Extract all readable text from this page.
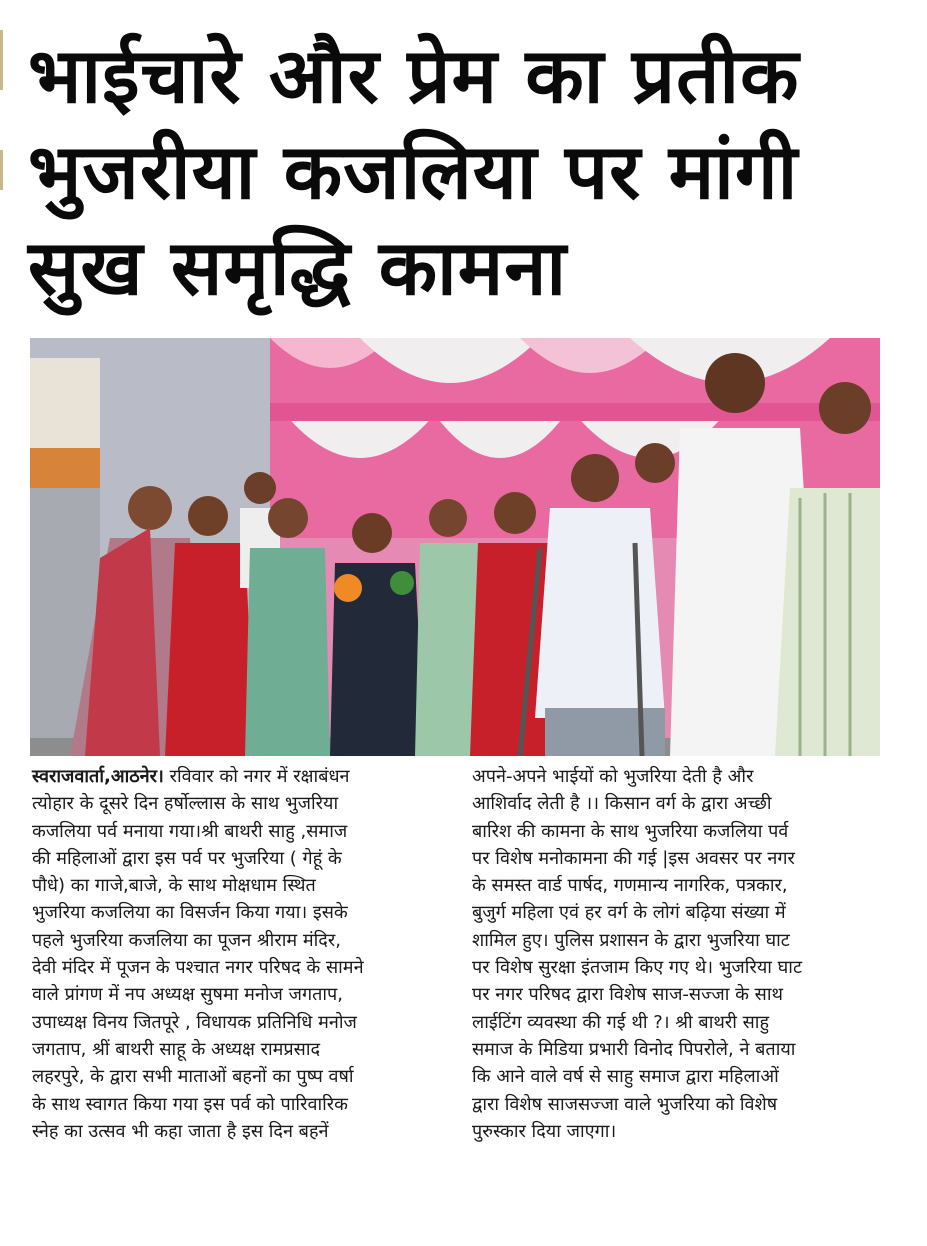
भाईचारे और प्रेम का प्रतीक
भुजरीया कजलिया पर मांगी
सुख समृद्धि कामना
स्वराजवार्ता,आठनेर। रविवार को नगर में रक्षाबंधन
त्योहार के दूसरे दिन हर्षोल्लास के साथ भुजरिया
कजलिया पर्व मनाया गया।श्री बाथरी साहु ,समाज
की महिलाओं द्वारा इस पर्व पर भुजरिया ( गेहूं के
पौधे) का गाजे,बाजे, के साथ मोक्षधाम स्थित
भुजरिया कजलिया का विसर्जन किया गया। इसके
पहले भुजरिया कजलिया का पूजन श्रीराम मंदिर,
देवी मंदिर में पूजन के पश्चात नगर परिषद के सामने
वाले प्रांगण में नप अध्यक्ष सुषमा मनोज जगताप,
उपाध्यक्ष विनय जितपूरे , विधायक प्रतिनिधि मनोज
जगताप, श्रीं बाथरी साहू के अध्यक्ष रामप्रसाद
लहरपुरे, के द्वारा सभी माताओं बहनों का पुष्प वर्षा
के साथ स्वागत किया गया इस पर्व को पारिवारिक
स्नेह का उत्सव भी कहा जाता है इस दिन बहनें
अपने-अपने भाईयों को भुजरिया देती है और
आशिर्वाद लेती है ।। किसान वर्ग के द्वारा अच्छी
बारिश की कामना के साथ भुजरिया कजलिया पर्व
पर विशेष मनोकामना की गई |इस अवसर पर नगर
के समस्त वार्ड पार्षद, गणमान्य नागरिक, पत्रकार,
बुजुर्ग महिला एवं हर वर्ग के लोगं बढ़िया संख्या में
शामिल हुए। पुलिस प्रशासन के द्वारा भुजरिया घाट
पर विशेष सुरक्षा इंतजाम किए गए थे। भुजरिया घाट
पर नगर परिषद द्वारा विशेष साज-सज्जा के साथ
लाईटिंग व्यवस्था की गई थी ?। श्री बाथरी साहु
समाज के मिडिया प्रभारी विनोद पिपरोले, ने बताया
कि आने वाले वर्ष से साहु समाज द्वारा महिलाओं
द्वारा विशेष साजसज्जा वाले भुजरिया को विशेष
पुरुस्कार दिया जाएगा।
